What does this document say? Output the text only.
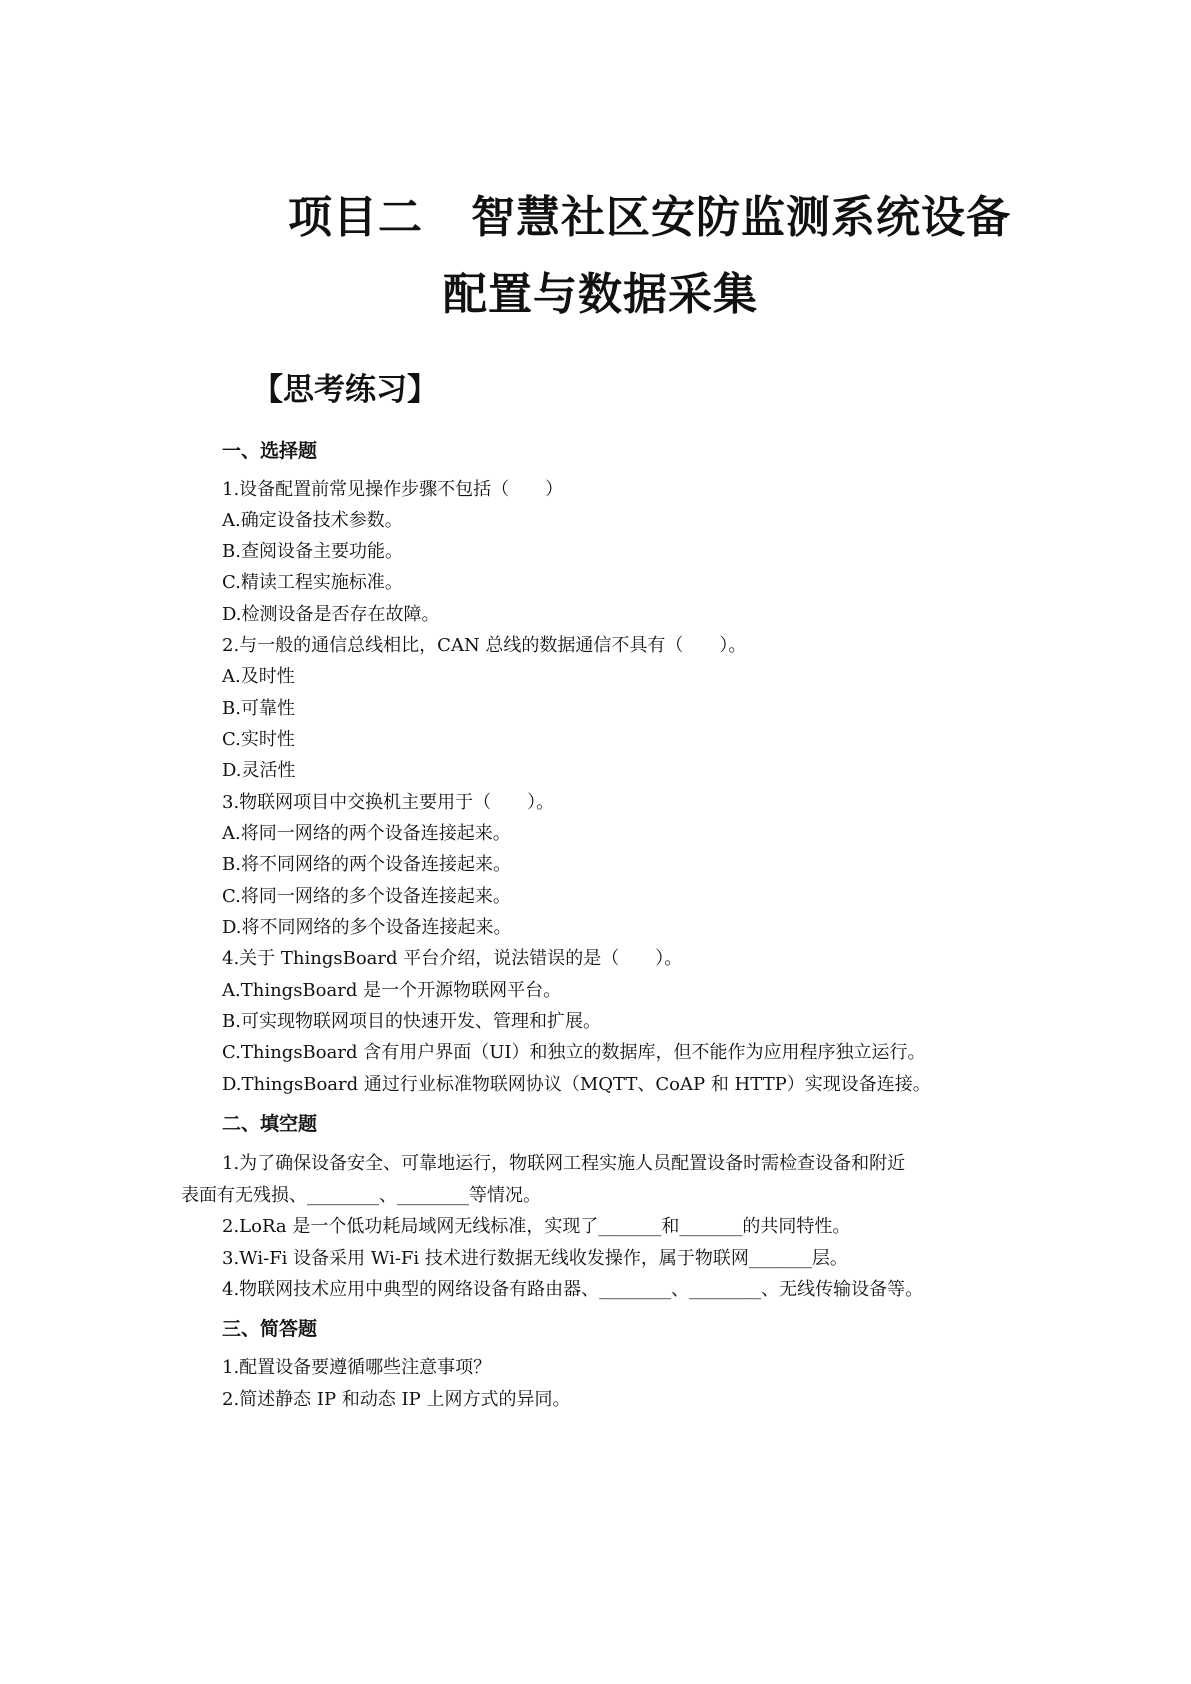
项目二 智慧社区安防监测系统设备
配置与数据采集
【思考练习】
一、选择题
1.设备配置前常见操作步骤不包括（　　）
A.确定设备技术参数。
B.查阅设备主要功能。
C.精读工程实施标准。
D.检测设备是否存在故障。
2.与一般的通信总线相比，CAN 总线的数据通信不具有（　　）。
A.及时性
B.可靠性
C.实时性
D.灵活性
3.物联网项目中交换机主要用于（　　）。
A.将同一网络的两个设备连接起来。
B.将不同网络的两个设备连接起来。
C.将同一网络的多个设备连接起来。
D.将不同网络的多个设备连接起来。
4.关于 ThingsBoard 平台介绍，说法错误的是（　　）。
A.ThingsBoard 是一个开源物联网平台。
B.可实现物联网项目的快速开发、管理和扩展。
C.ThingsBoard 含有用户界面（UI）和独立的数据库，但不能作为应用程序独立运行。
D.ThingsBoard 通过行业标准物联网协议（MQTT、CoAP 和 HTTP）实现设备连接。
二、填空题
1.为了确保设备安全、可靠地运行，物联网工程实施人员配置设备时需检查设备和附近
表面有无残损、________、________等情况。
2.LoRa 是一个低功耗局域网无线标准，实现了_______和_______的共同特性。
3.Wi-Fi 设备采用 Wi-Fi 技术进行数据无线收发操作，属于物联网_______层。
4.物联网技术应用中典型的网络设备有路由器、________、________、无线传输设备等。
三、简答题
1.配置设备要遵循哪些注意事项？
2.简述静态 IP 和动态 IP 上网方式的异同。
